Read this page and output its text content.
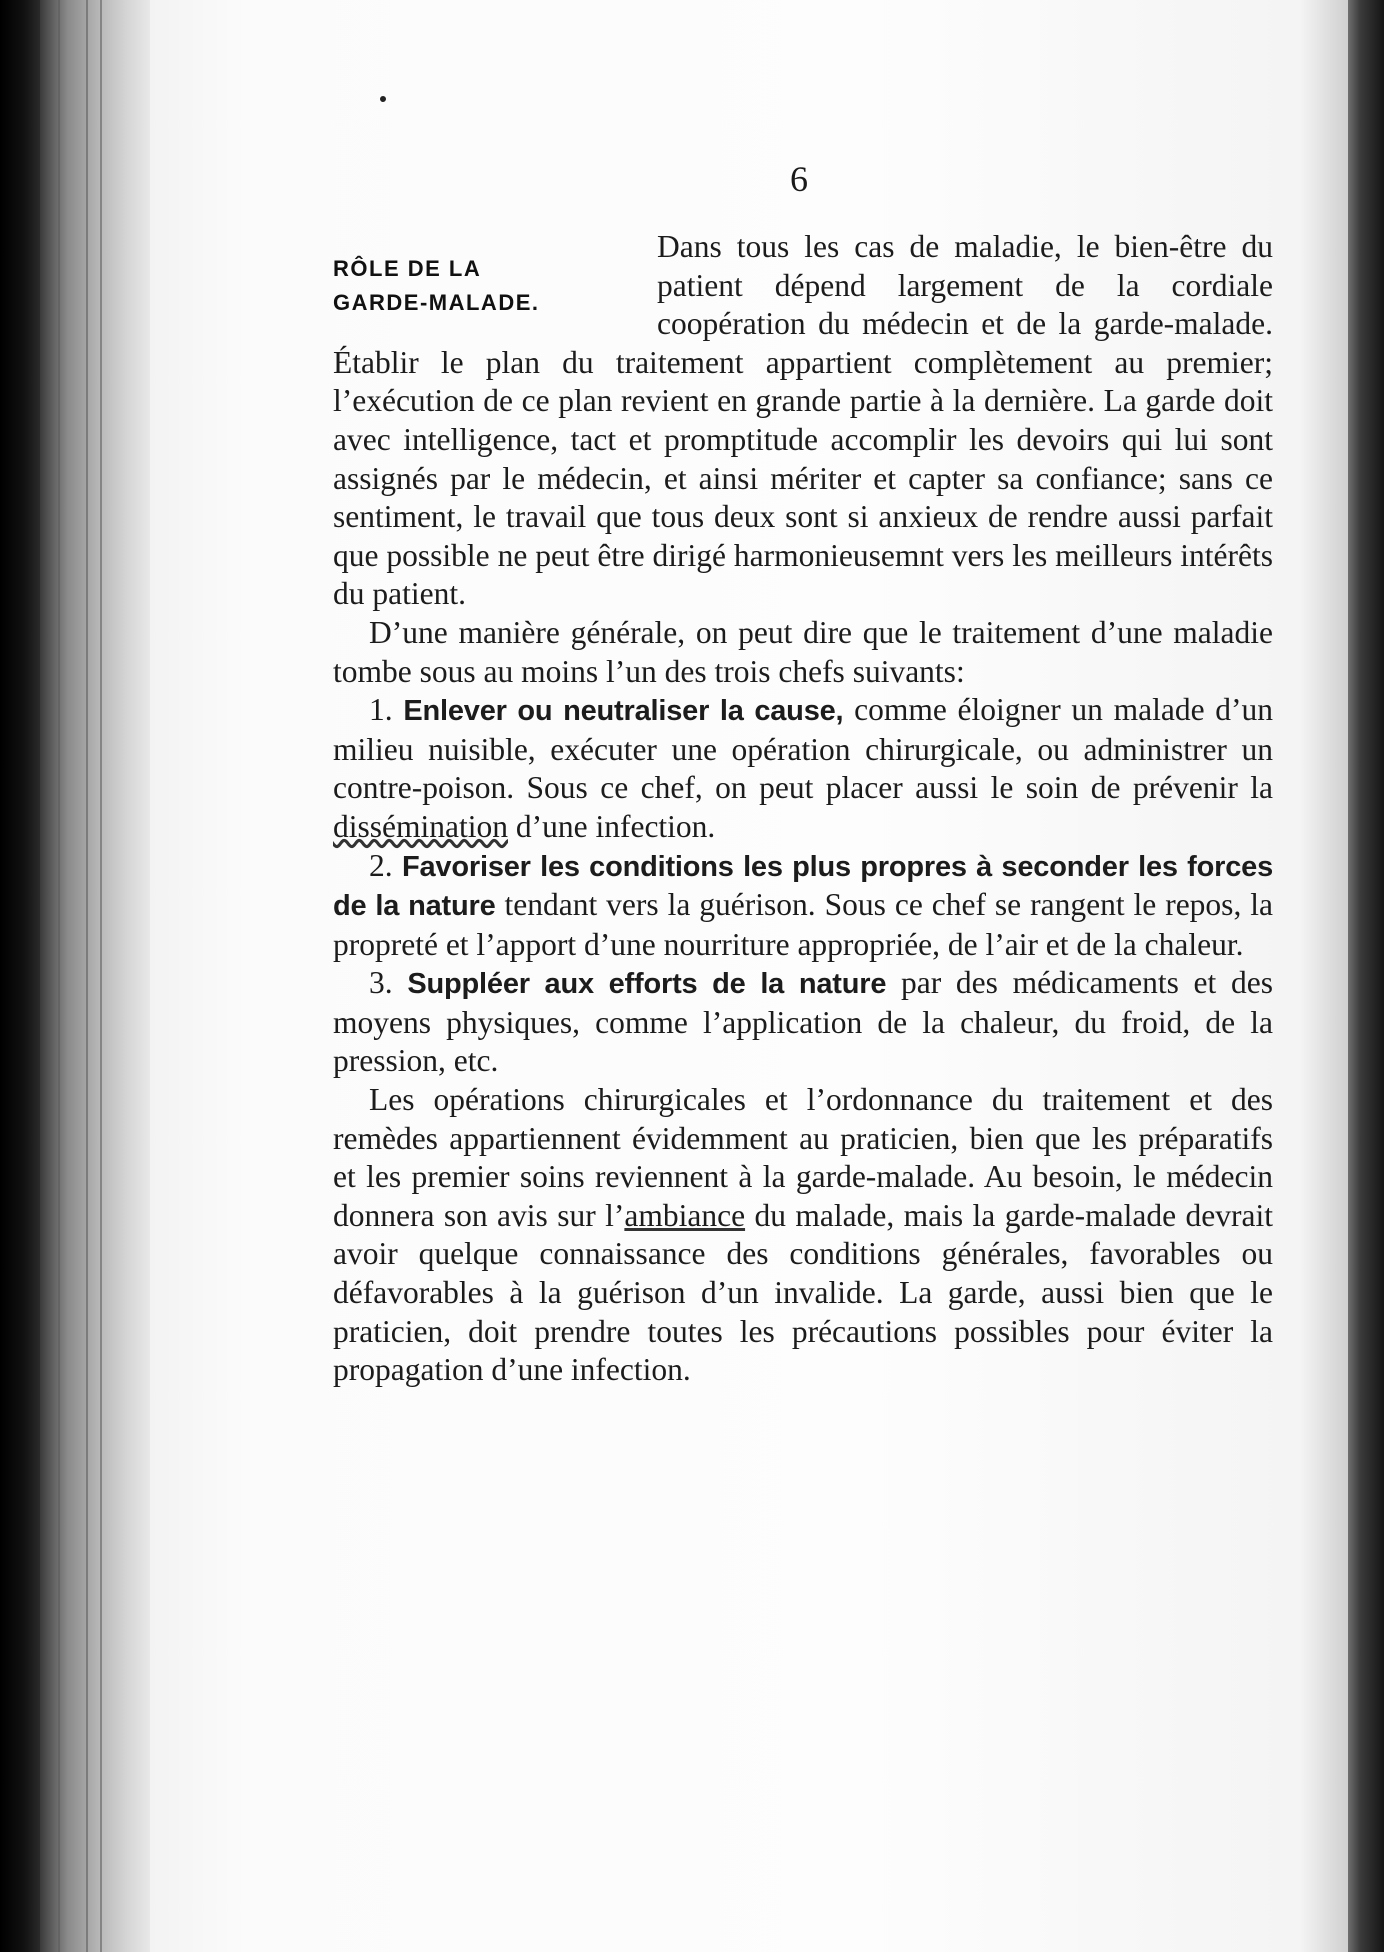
6
RÔLE DE LA
GARDE-MALADE.

Dans tous les cas de maladie, le bien-être du patient dépend largement de la cordiale coopération du médecin et de la garde-malade. Établir le plan du traitement appartient complètement au premier; l’exécution de ce plan revient en grande partie à la dernière. La garde doit avec intelligence, tact et promptitude accomplir les devoirs qui lui sont assignés par le médecin, et ainsi mériter et capter sa confiance; sans ce sentiment, le travail que tous deux sont si anxieux de rendre aussi parfait que possible ne peut être dirigé harmonieusemnt vers les meilleurs intérêts du patient.

D’une manière générale, on peut dire que le traitement d’une maladie tombe sous au moins l’un des trois chefs suivants:

1. Enlever ou neutraliser la cause, comme éloigner un malade d’un milieu nuisible, exécuter une opération chirurgicale, ou administrer un contre-poison. Sous ce chef, on peut placer aussi le soin de prévenir la dissémination d’une infection.

2. Favoriser les conditions les plus propres à seconder les forces de la nature tendant vers la guérison. Sous ce chef se rangent le repos, la propreté et l’apport d’une nourriture appropriée, de l’air et de la chaleur.

3. Suppléer aux efforts de la nature par des médicaments et des moyens physiques, comme l’application de la chaleur, du froid, de la pression, etc.

Les opérations chirurgicales et l’ordonnance du traitement et des remèdes appartiennent évidemment au praticien, bien que les préparatifs et les premier soins reviennent à la garde-malade. Au besoin, le médecin donnera son avis sur l’ambiance du malade, mais la garde-malade devrait avoir quelque connaissance des conditions générales, favorables ou défavorables à la guérison d’un invalide. La garde, aussi bien que le praticien, doit prendre toutes les précautions possibles pour éviter la propagation d’une infection.
